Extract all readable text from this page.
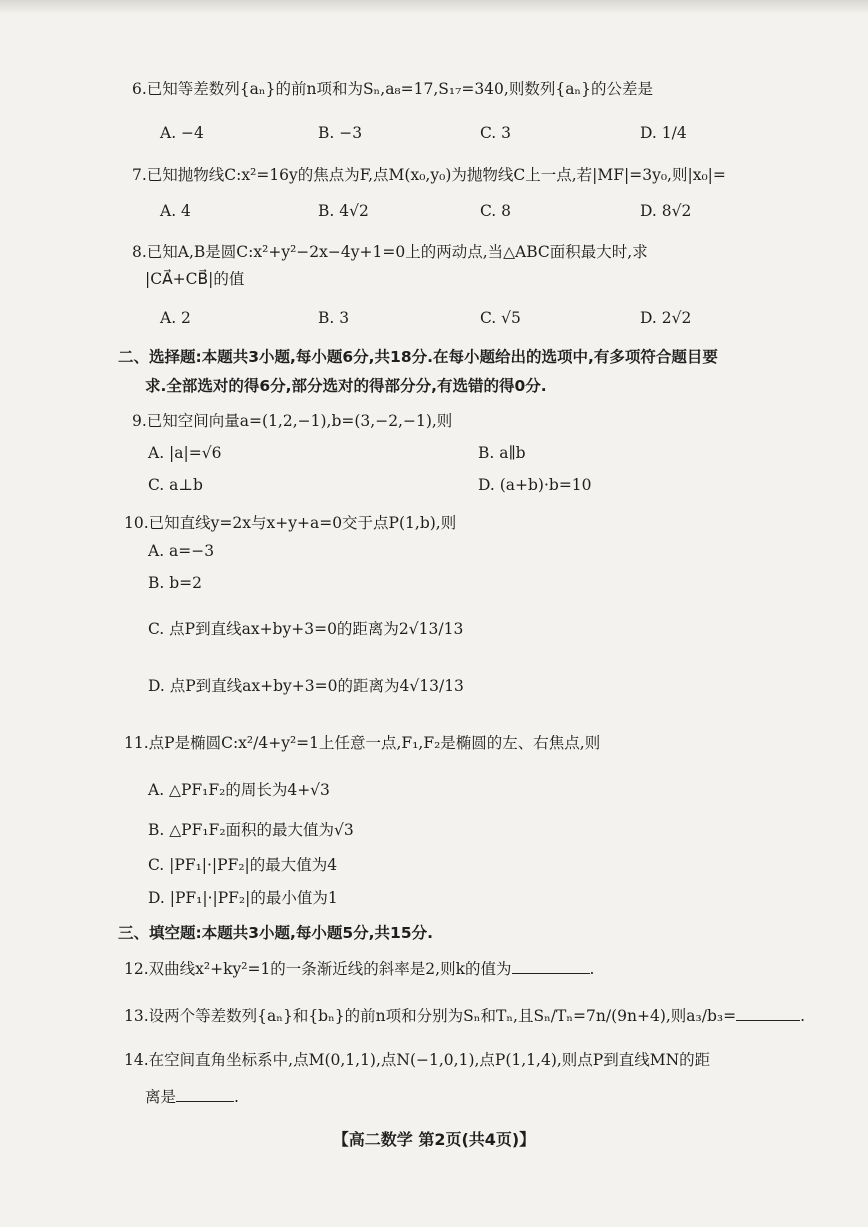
6.已知等差数列{aₙ}的前n项和为Sₙ,a₈=17,S₁₇=340,则数列{aₙ}的公差是
A. −4	B. −3	C. 3	D. 1/4
7.已知抛物线C:x²=16y的焦点为F,点M(x₀,y₀)为抛物线C上一点,若|MF|=3y₀,则|x₀|=
A. 4	B. 4√2	C. 8	D. 8√2
8.已知A,B是圆C:x²+y²−2x−4y+1=0上的两动点,当△ABC面积最大时,求
|CA⃗+CB⃗|的值
A. 2	B. 3	C. √5	D. 2√2
二、选择题:本题共3小题,每小题6分,共18分.在每小题给出的选项中,有多项符合题目要
求.全部选对的得6分,部分选对的得部分分,有选错的得0分.
9.已知空间向量a=(1,2,−1),b=(3,−2,−1),则
A. |a|=√6	B. a∥b
C. a⊥b	D. (a+b)·b=10
10.已知直线y=2x与x+y+a=0交于点P(1,b),则
A. a=−3
B. b=2
C. 点P到直线ax+by+3=0的距离为2√13/13
D. 点P到直线ax+by+3=0的距离为4√13/13
11.点P是椭圆C:x²/4+y²=1上任意一点,F₁,F₂是椭圆的左、右焦点,则
A. △PF₁F₂的周长为4+√3
B. △PF₁F₂面积的最大值为√3
C. |PF₁|·|PF₂|的最大值为4
D. |PF₁|·|PF₂|的最小值为1
三、填空题:本题共3小题,每小题5分,共15分.
12.双曲线x²+ky²=1的一条渐近线的斜率是2,则k的值为	.
13.设两个等差数列{aₙ}和{bₙ}的前n项和分别为Sₙ和Tₙ,且Sₙ/Tₙ=7n/(9n+4),则a₃/b₃=	.
14.在空间直角坐标系中,点M(0,1,1),点N(−1,0,1),点P(1,1,4),则点P到直线MN的距
离是	.
【高二数学 第2页(共4页)】
